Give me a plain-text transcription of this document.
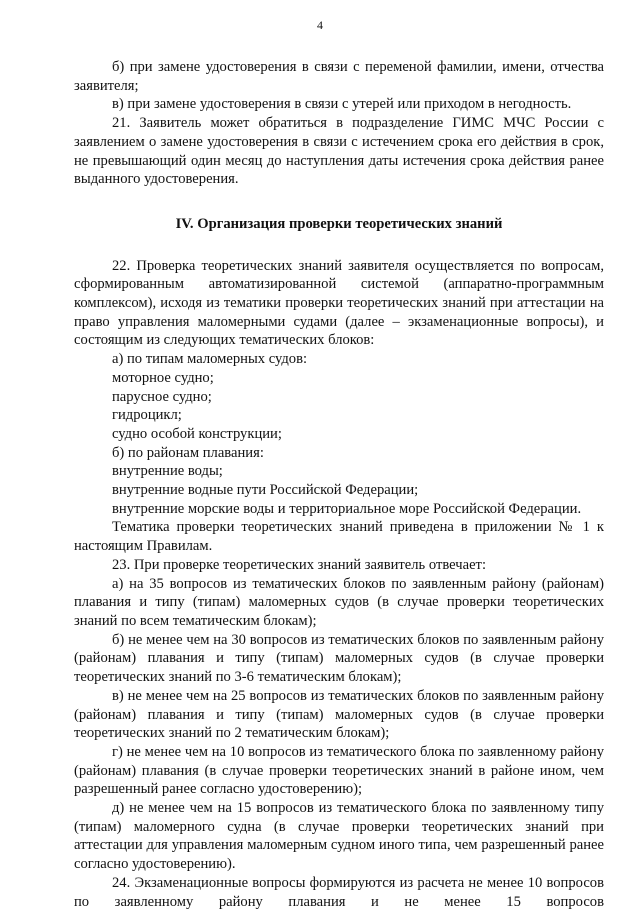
4

б) при замене удостоверения в связи с переменой фамилии, имени, отчества заявителя;

в) при замене удостоверения в связи с утерей или приходом в негодность.

21. Заявитель может обратиться в подразделение ГИМС МЧС России с заявлением о замене удостоверения в связи с истечением срока его действия в срок, не превышающий один месяц до наступления даты истечения срока действия ранее выданного удостоверения.

IV. Организация проверки теоретических знаний

22. Проверка теоретических знаний заявителя осуществляется по вопросам, сформированным автоматизированной системой (аппаратно-программным комплексом), исходя из тематики проверки теоретических знаний при аттестации на право управления маломерными судами (далее – экзаменационные вопросы), и состоящим из следующих тематических блоков:

а) по типам маломерных судов:

моторное судно;

парусное судно;

гидроцикл;

судно особой конструкции;

б) по районам плавания:

внутренние воды;

внутренние водные пути Российской Федерации;

внутренние морские воды и территориальное море Российской Федерации.

Тематика проверки теоретических знаний приведена в приложении № 1 к настоящим Правилам.

23. При проверке теоретических знаний заявитель отвечает:

а) на 35 вопросов из тематических блоков по заявленным району (районам) плавания и типу (типам) маломерных судов (в случае проверки теоретических знаний по всем тематическим блокам);

б) не менее чем на 30 вопросов из тематических блоков по заявленным району (районам) плавания и типу (типам) маломерных судов (в случае проверки теоретических знаний по 3-6 тематическим блокам);

в) не менее чем на 25 вопросов из тематических блоков по заявленным району (районам) плавания и типу (типам) маломерных судов (в случае проверки теоретических знаний по 2 тематическим блокам);

г) не менее чем на 10 вопросов из тематического блока по заявленному району (районам) плавания (в случае проверки теоретических знаний в районе ином, чем разрешенный ранее согласно удостоверению);

д) не менее чем на 15 вопросов из тематического блока по заявленному типу (типам) маломерного судна (в случае проверки теоретических знаний при аттестации для управления маломерным судном иного типа, чем разрешенный ранее согласно удостоверению).

24. Экзаменационные вопросы формируются из расчета не менее 10 вопросов по заявленному району плавания и не менее 15 вопросов
